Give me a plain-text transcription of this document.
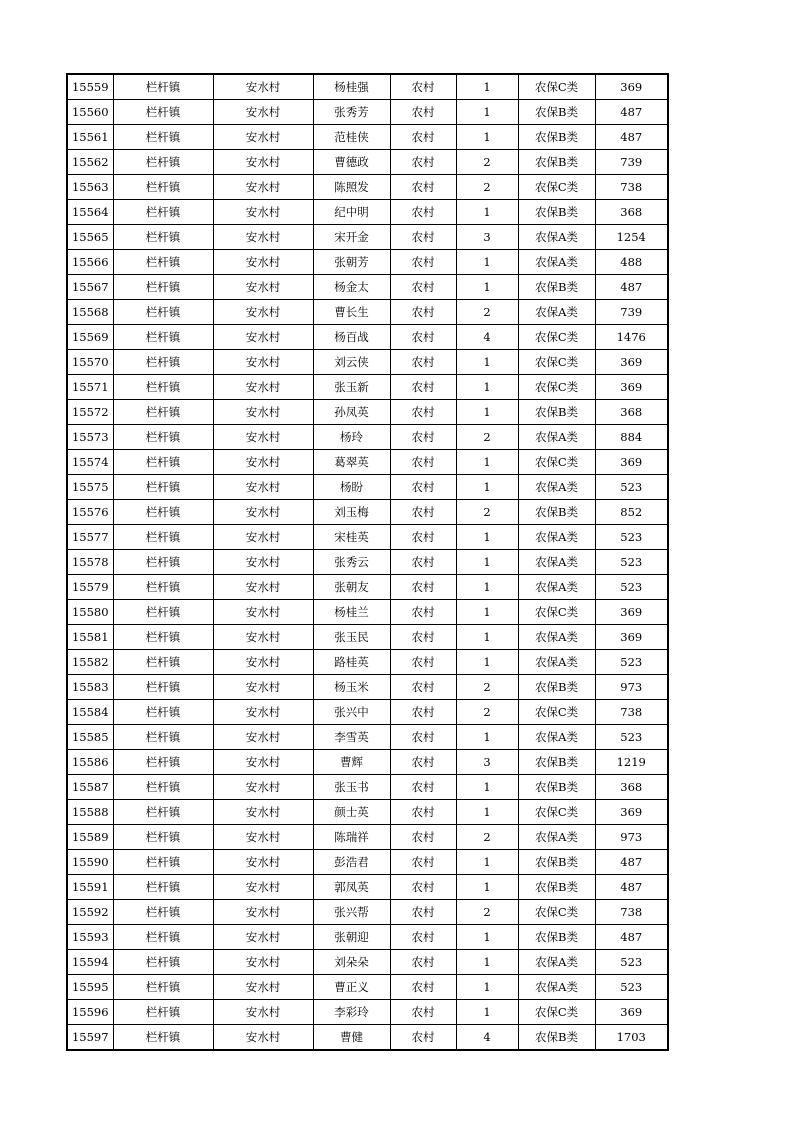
15559	栏杆镇	安水村	杨桂强	农村	1	农保C类	369
15560	栏杆镇	安水村	张秀芳	农村	1	农保B类	487
15561	栏杆镇	安水村	范桂侠	农村	1	农保B类	487
15562	栏杆镇	安水村	曹德政	农村	2	农保B类	739
15563	栏杆镇	安水村	陈照发	农村	2	农保C类	738
15564	栏杆镇	安水村	纪中明	农村	1	农保B类	368
15565	栏杆镇	安水村	宋开金	农村	3	农保A类	1254
15566	栏杆镇	安水村	张朝芳	农村	1	农保A类	488
15567	栏杆镇	安水村	杨金太	农村	1	农保B类	487
15568	栏杆镇	安水村	曹长生	农村	2	农保A类	739
15569	栏杆镇	安水村	杨百战	农村	4	农保C类	1476
15570	栏杆镇	安水村	刘云侠	农村	1	农保C类	369
15571	栏杆镇	安水村	张玉新	农村	1	农保C类	369
15572	栏杆镇	安水村	孙凤英	农村	1	农保B类	368
15573	栏杆镇	安水村	杨玲	农村	2	农保A类	884
15574	栏杆镇	安水村	葛翠英	农村	1	农保C类	369
15575	栏杆镇	安水村	杨盼	农村	1	农保A类	523
15576	栏杆镇	安水村	刘玉梅	农村	2	农保B类	852
15577	栏杆镇	安水村	宋桂英	农村	1	农保A类	523
15578	栏杆镇	安水村	张秀云	农村	1	农保A类	523
15579	栏杆镇	安水村	张朝友	农村	1	农保A类	523
15580	栏杆镇	安水村	杨桂兰	农村	1	农保C类	369
15581	栏杆镇	安水村	张玉民	农村	1	农保A类	369
15582	栏杆镇	安水村	路桂英	农村	1	农保A类	523
15583	栏杆镇	安水村	杨玉米	农村	2	农保B类	973
15584	栏杆镇	安水村	张兴中	农村	2	农保C类	738
15585	栏杆镇	安水村	李雪英	农村	1	农保A类	523
15586	栏杆镇	安水村	曹辉	农村	3	农保B类	1219
15587	栏杆镇	安水村	张玉书	农村	1	农保B类	368
15588	栏杆镇	安水村	颜士英	农村	1	农保C类	369
15589	栏杆镇	安水村	陈瑞祥	农村	2	农保A类	973
15590	栏杆镇	安水村	彭浩君	农村	1	农保B类	487
15591	栏杆镇	安水村	郭凤英	农村	1	农保B类	487
15592	栏杆镇	安水村	张兴帮	农村	2	农保C类	738
15593	栏杆镇	安水村	张朝迎	农村	1	农保B类	487
15594	栏杆镇	安水村	刘朵朵	农村	1	农保A类	523
15595	栏杆镇	安水村	曹正义	农村	1	农保A类	523
15596	栏杆镇	安水村	李彩玲	农村	1	农保C类	369
15597	栏杆镇	安水村	曹健	农村	4	农保B类	1703
